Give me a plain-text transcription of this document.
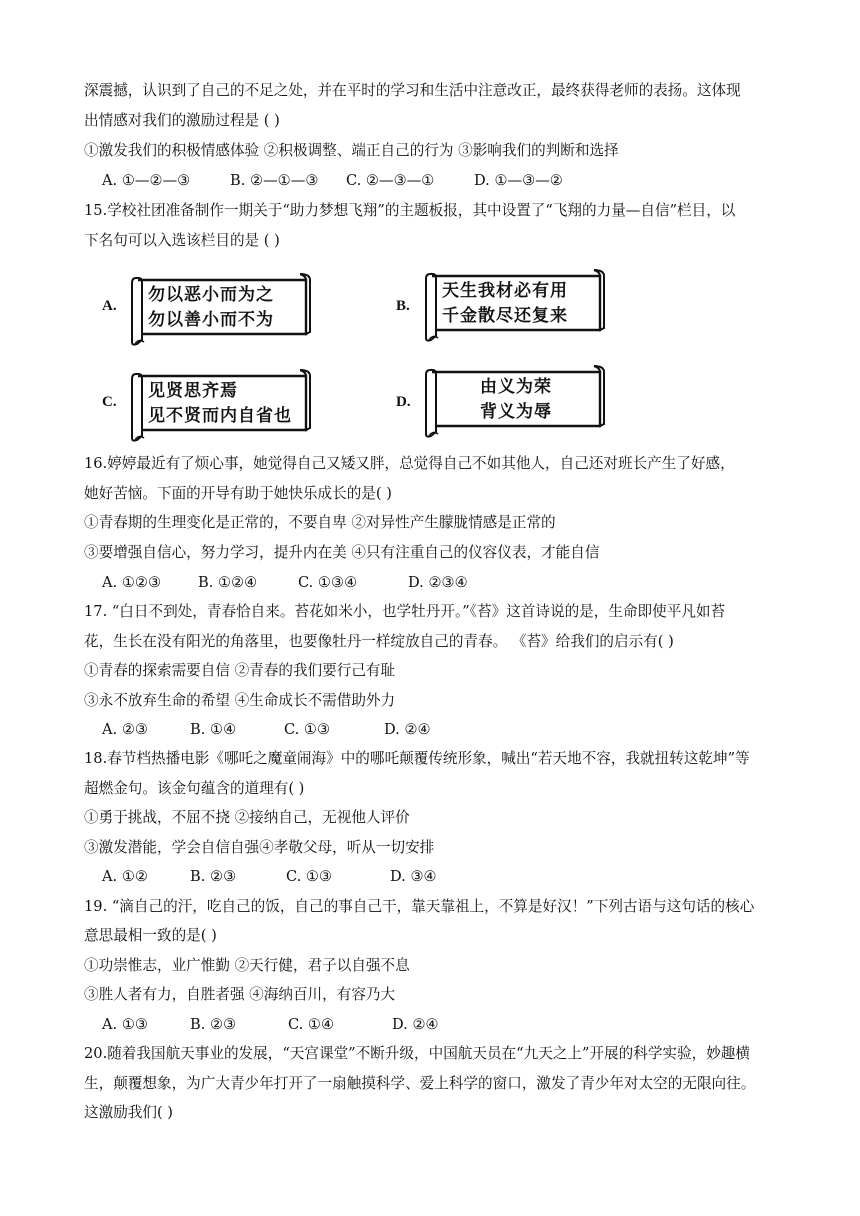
深震撼，认识到了自己的不足之处，并在平时的学习和生活中注意改正，最终获得老师的表扬。这体现
出情感对我们的激励过程是 ( )
①激发我们的积极情感体验 ②积极调整、端正自己的行为 ③影响我们的判断和选择
A. ①—②—③	B. ②—①—③ C. ②—③—①	D. ①—③—②
15.学校社团准备制作一期关于“助力梦想飞翔”的主题板报，其中设置了“飞翔的力量—自信”栏目，以
下名句可以入选该栏目的是 ( )
A.
勿以恶小而为之
勿以善小而不为
B.
天生我材必有用
千金散尽还复来
C.
见贤思齐焉
见不贤而内自省也
D.
由义为荣
背义为辱
16.婷婷最近有了烦心事，她觉得自己又矮又胖，总觉得自己不如其他人，自己还对班长产生了好感，
她好苦恼。下面的开导有助于她快乐成长的是( )
①青春期的生理变化是正常的，不要自卑 ②对异性产生朦胧情感是正常的
③要增强自信心，努力学习，提升内在美 ④只有注重自己的仪容仪表，才能自信
A. ①②③	B. ①②④	C. ①③④	D. ②③④
17. “白日不到处，青春恰自来。苔花如米小，也学牡丹开。”《苔》这首诗说的是，生命即使平凡如苔
花，生长在没有阳光的角落里，也要像牡丹一样绽放自己的青春。 《苔》给我们的启示有( )
①青春的探索需要自信 ②青春的我们要行己有耻
③永不放弃生命的希望 ④生命成长不需借助外力
A. ②③	B. ①④	C. ①③	D. ②④
18.春节档热播电影《哪吒之魔童闹海》中的哪吒颠覆传统形象，喊出“若天地不容，我就扭转这乾坤”等
超燃金句。该金句蕴含的道理有( )
①勇于挑战，不屈不挠 ②接纳自己，无视他人评价
③激发潜能，学会自信自强④孝敬父母，听从一切安排
A. ①②	B. ②③	C. ①③	D. ③④
19. “滴自己的汗，吃自己的饭，自己的事自己干，靠天靠祖上，不算是好汉！”下列古语与这句话的核心
意思最相一致的是( )
①功崇惟志，业广惟勤 ②天行健，君子以自强不息
③胜人者有力，自胜者强 ④海纳百川，有容乃大
A. ①③	B. ②③	C. ①④	D. ②④
20.随着我国航天事业的发展，“天宫课堂”不断升级，中国航天员在“九天之上”开展的科学实验，妙趣横
生，颠覆想象，为广大青少年打开了一扇触摸科学、爱上科学的窗口，激发了青少年对太空的无限向往。
这激励我们( )
